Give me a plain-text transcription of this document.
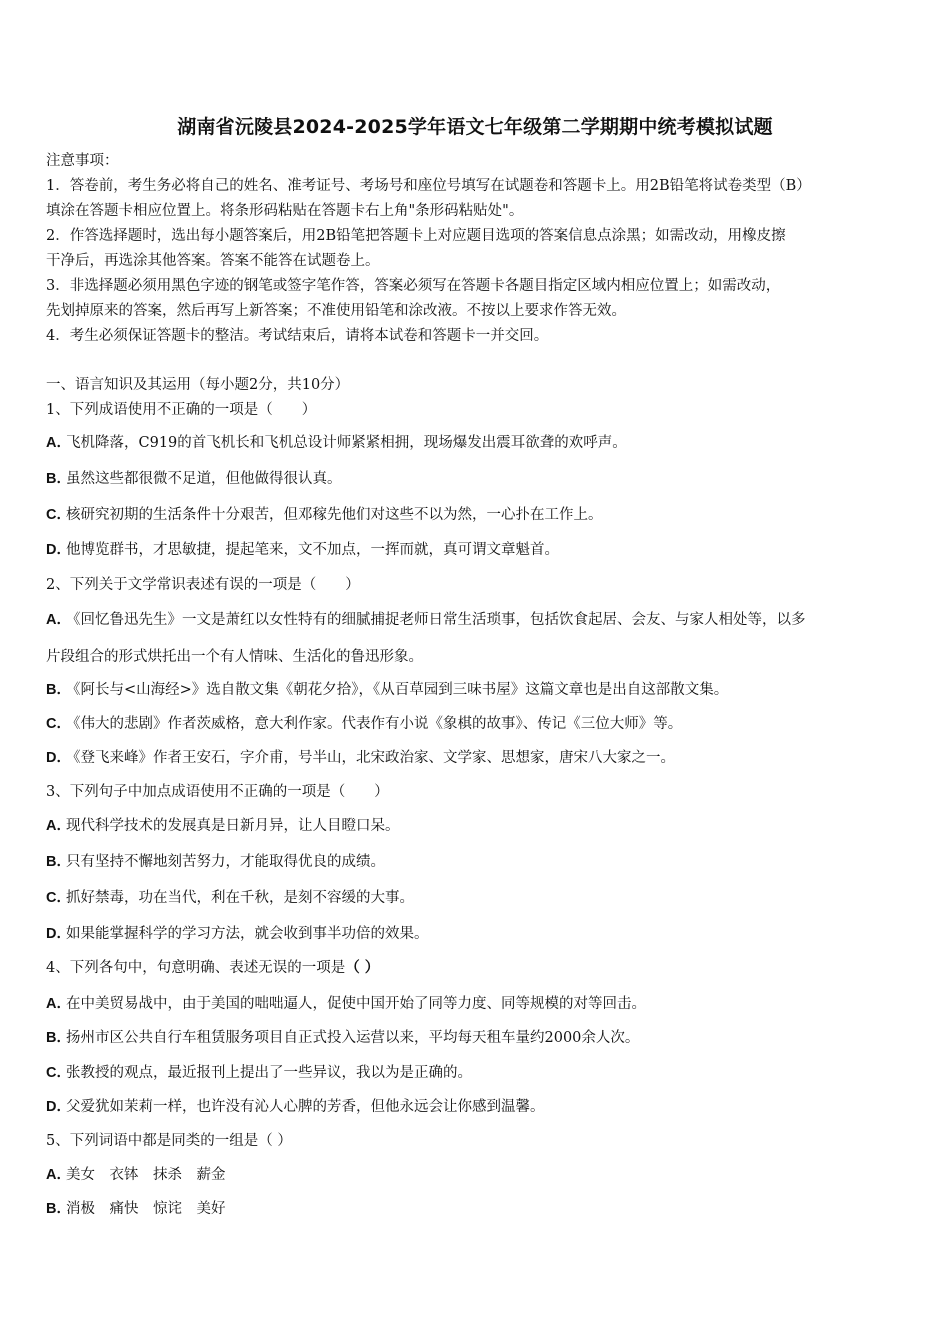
湖南省沅陵县2024-2025学年语文七年级第二学期期中统考模拟试题
注意事项：
1．答卷前，考生务必将自己的姓名、准考证号、考场号和座位号填写在试题卷和答题卡上。用2B铅笔将试卷类型（B）
填涂在答题卡相应位置上。将条形码粘贴在答题卡右上角"条形码粘贴处"。
2．作答选择题时，选出每小题答案后，用2B铅笔把答题卡上对应题目选项的答案信息点涂黑；如需改动，用橡皮擦
干净后，再选涂其他答案。答案不能答在试题卷上。
3．非选择题必须用黑色字迹的钢笔或签字笔作答，答案必须写在答题卡各题目指定区域内相应位置上；如需改动，
先划掉原来的答案，然后再写上新答案；不准使用铅笔和涂改液。不按以上要求作答无效。
4．考生必须保证答题卡的整洁。考试结束后，请将本试卷和答题卡一并交回。
一、语言知识及其运用（每小题2分，共10分）
1、下列成语使用不正确的一项是（　　）
A．飞机降落，C919的首飞机长和飞机总设计师紧紧相拥，现场爆发出震耳欲聋的欢呼声。
B．虽然这些都很微不足道，但他做得很认真。
C．核研究初期的生活条件十分艰苦，但邓稼先他们对这些不以为然，一心扑在工作上。
D．他博览群书，才思敏捷，提起笔来，文不加点，一挥而就，真可谓文章魁首。
2、下列关于文学常识表述有误的一项是（　　）
A．《回忆鲁迅先生》一文是萧红以女性特有的细腻捕捉老师日常生活琐事，包括饮食起居、会友、与家人相处等，以多
片段组合的形式烘托出一个有人情味、生活化的鲁迅形象。
B．《阿长与<山海经>》选自散文集《朝花夕拾》，《从百草园到三味书屋》这篇文章也是出自这部散文集。
C．《伟大的悲剧》作者茨威格，意大利作家。代表作有小说《象棋的故事》、传记《三位大师》等。
D．《登飞来峰》作者王安石，字介甫，号半山，北宋政治家、文学家、思想家，唐宋八大家之一。
3、下列句子中加点成语使用不正确的一项是（　　）
A．现代科学技术的发展真是日新月异，让人目瞪口呆。
B．只有坚持不懈地刻苦努力，才能取得优良的成绩。
C．抓好禁毒，功在当代，利在千秋，是刻不容缓的大事。
D．如果能掌握科学的学习方法，就会收到事半功倍的效果。
4、下列各句中，句意明确、表述无误的一项是（ ）
A．在中美贸易战中，由于美国的咄咄逼人，促使中国开始了同等力度、同等规模的对等回击。
B．扬州市区公共自行车租赁服务项目自正式投入运营以来，平均每天租车量约2000余人次。
C．张教授的观点，最近报刊上提出了一些异议，我以为是正确的。
D．父爱犹如茉莉一样，也许没有沁人心脾的芳香，但他永远会让你感到温馨。
5、下列词语中都是同类的一组是（ ）
A．美女　衣钵　抹杀　薪金
B．消极　痛快　惊诧　美好
